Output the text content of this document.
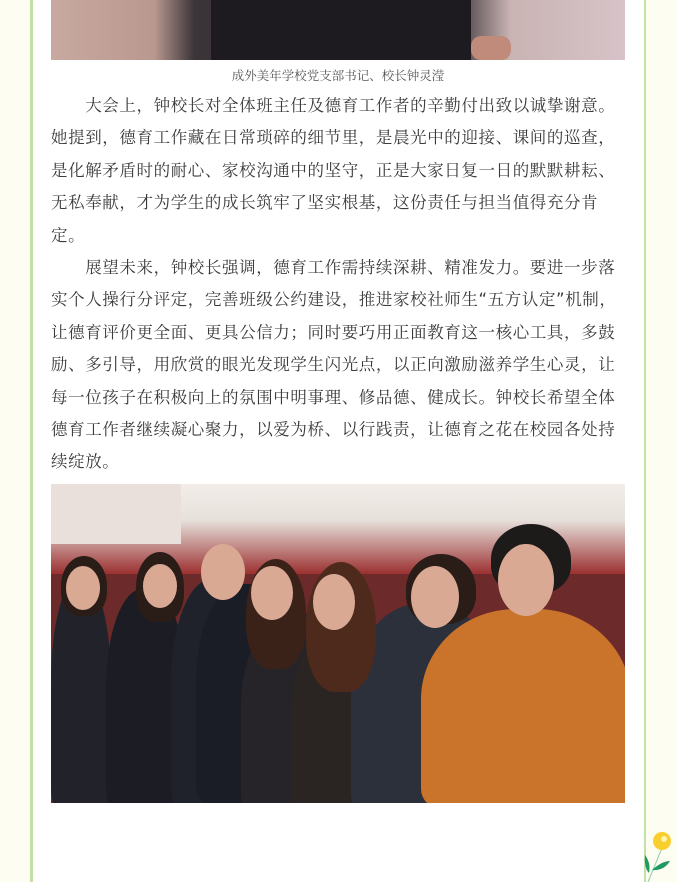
成外美年学校党支部书记、校长钟灵滢
　　大会上，钟校长对全体班主任及德育工作者的辛勤付出致以诚挚谢意。
她提到，德育工作藏在日常琐碎的细节里，是晨光中的迎接、课间的巡查，
是化解矛盾时的耐心、家校沟通中的坚守，正是大家日复一日的默默耕耘、
无私奉献，才为学生的成长筑牢了坚实根基，这份责任与担当值得充分肯
定。
　　展望未来，钟校长强调，德育工作需持续深耕、精准发力。要进一步落
实个人操行分评定，完善班级公约建设，推进家校社师生“五方认定”机制，
让德育评价更全面、更具公信力；同时要巧用正面教育这一核心工具，多鼓
励、多引导，用欣赏的眼光发现学生闪光点，以正向激励滋养学生心灵，让
每一位孩子在积极向上的氛围中明事理、修品德、健成长。钟校长希望全体
德育工作者继续凝心聚力，以爱为桥、以行践责，让德育之花在校园各处持
续绽放。
